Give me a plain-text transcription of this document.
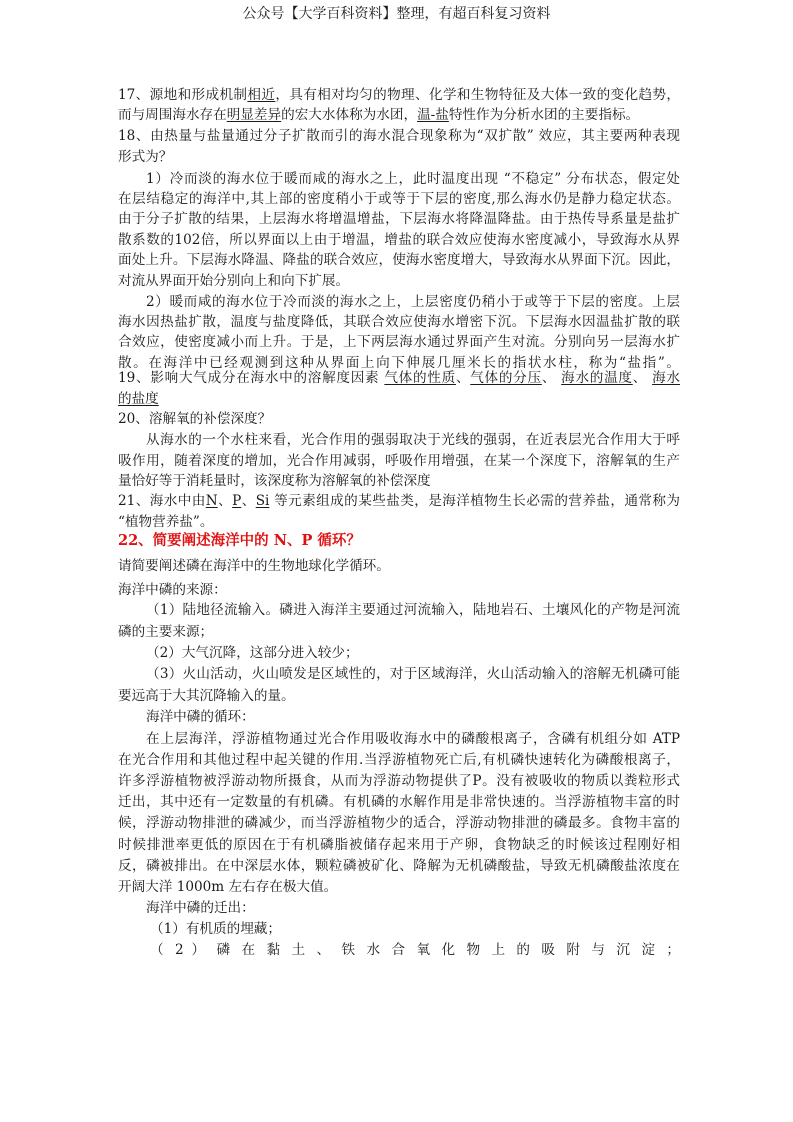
公众号【大学百科资料】整理，有超百科复习资料
17、源地和形成机制相近，具有相对均匀的物理、化学和生物特征及大体一致的变化趋势，
而与周围海水存在明显差异的宏大水体称为水团，温-盐特性作为分析水团的主要指标。
18、由热量与盐量通过分子扩散而引的海水混合现象称为“双扩散” 效应，其主要两种表现
形式为？
1）冷而淡的海水位于暖而咸的海水之上，此时温度出现 “不稳定” 分布状态，假定处
在层结稳定的海洋中,其上部的密度稍小于或等于下层的密度,那么海水仍是静力稳定状态。
由于分子扩散的结果，上层海水将增温增盐，下层海水将降温降盐。由于热传导系量是盐扩
散系数的102倍，所以界面以上由于增温，增盐的联合效应使海水密度减小，导致海水从界
面处上升。下层海水降温、降盐的联合效应，使海水密度增大，导致海水从界面下沉。因此，
对流从界面开始分别向上和向下扩展。
2）暖而咸的海水位于冷而淡的海水之上，上层密度仍稍小于或等于下层的密度。上层
海水因热盐扩散，温度与盐度降低，其联合效应使海水增密下沉。下层海水因温盐扩散的联
合效应，使密度减小而上升。于是，上下两层海水通过界面产生对流。分别向另一层海水扩
散。在海洋中已经观测到这种从界面上向下伸展几厘米长的指状水柱，称为“盐指”。
19、影响大气成分在海水中的溶解度因素 气体的性质、气体的分压、 海水的温度、 海水
的盐度
20、溶解氧的补偿深度？
从海水的一个水柱来看，光合作用的强弱取决于光线的强弱，在近表层光合作用大于呼
吸作用，随着深度的增加，光合作用减弱，呼吸作用增强，在某一个深度下，溶解氧的生产
量恰好等于消耗量时，该深度称为溶解氧的补偿深度
21、海水中由N、P、Si 等元素组成的某些盐类，是海洋植物生长必需的营养盐，通常称为
“植物营养盐”。
22、简要阐述海洋中的 N、P 循环？
请简要阐述磷在海洋中的生物地球化学循环。
海洋中磷的来源：
（1）陆地径流输入。磷进入海洋主要通过河流输入，陆地岩石、土壤风化的产物是河流
磷的主要来源；
（2）大气沉降，这部分进入较少；
（3）火山活动，火山喷发是区域性的，对于区域海洋，火山活动输入的溶解无机磷可能
要远高于大其沉降输入的量。
海洋中磷的循环：
在上层海洋，浮游植物通过光合作用吸收海水中的磷酸根离子，含磷有机组分如 ATP
在光合作用和其他过程中起关键的作用.当浮游植物死亡后,有机磷快速转化为磷酸根离子，
许多浮游植物被浮游动物所摄食，从而为浮游动物提供了P。没有被吸收的物质以粪粒形式
迁出，其中还有一定数量的有机磷。有机磷的水解作用是非常快速的。当浮游植物丰富的时
候，浮游动物排泄的磷减少，而当浮游植物少的适合，浮游动物排泄的磷最多。食物丰富的
时候排泄率更低的原因在于有机磷脂被储存起来用于产卵，食物缺乏的时候该过程刚好相
反，磷被排出。在中深层水体，颗粒磷被矿化、降解为无机磷酸盐，导致无机磷酸盐浓度在
开阔大洋 1000m 左右存在极大值。
海洋中磷的迁出：
（1）有机质的埋藏；
（ 2 ） 磷 在 黏 土 、 铁 水 合 氧 化 物 上 的 吸 附 与 沉 淀 ；
